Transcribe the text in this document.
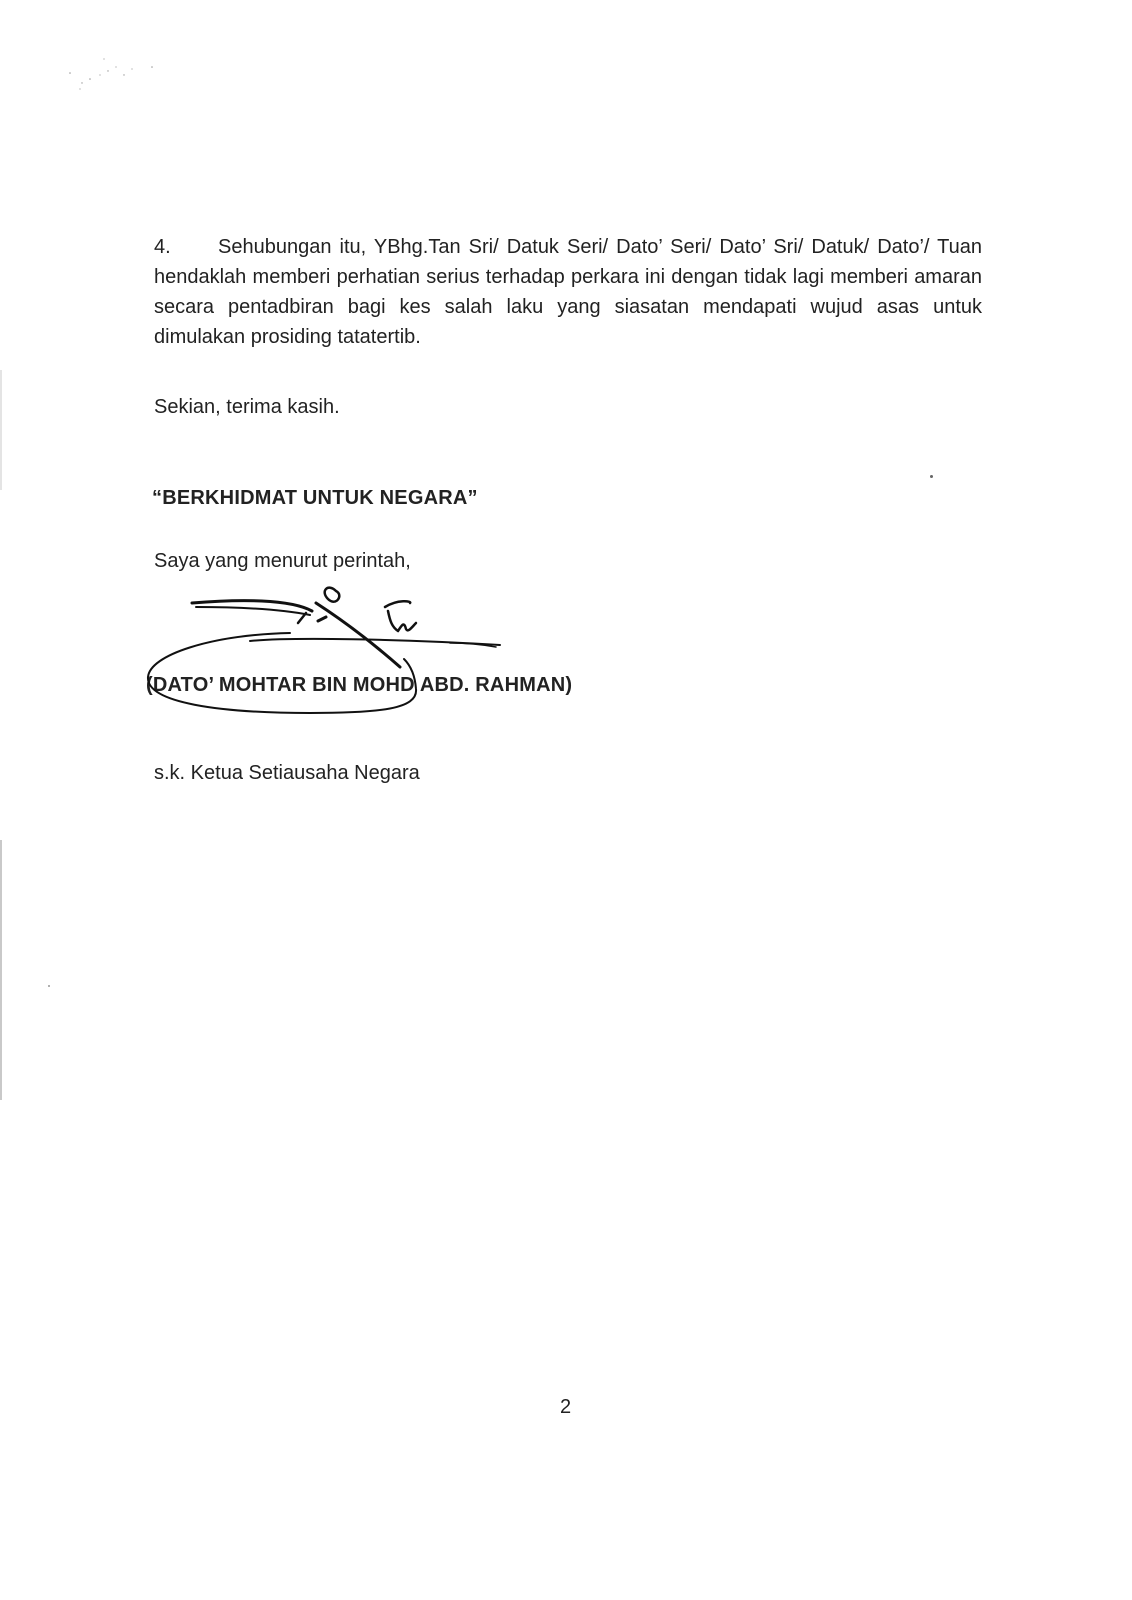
4. Sehubungan itu, YBhg.Tan Sri/ Datuk Seri/ Dato’ Seri/ Dato’ Sri/ Datuk/ Dato’/ Tuan hendaklah memberi perhatian serius terhadap perkara ini dengan tidak lagi memberi amaran secara pentadbiran bagi kes salah laku yang siasatan mendapati wujud asas untuk dimulakan prosiding tatatertib.

Sekian, terima kasih.

“BERKHIDMAT UNTUK NEGARA”

Saya yang menurut perintah,

(DATO’ MOHTAR BIN MOHD ABD. RAHMAN)

s.k. Ketua Setiausaha Negara

2
